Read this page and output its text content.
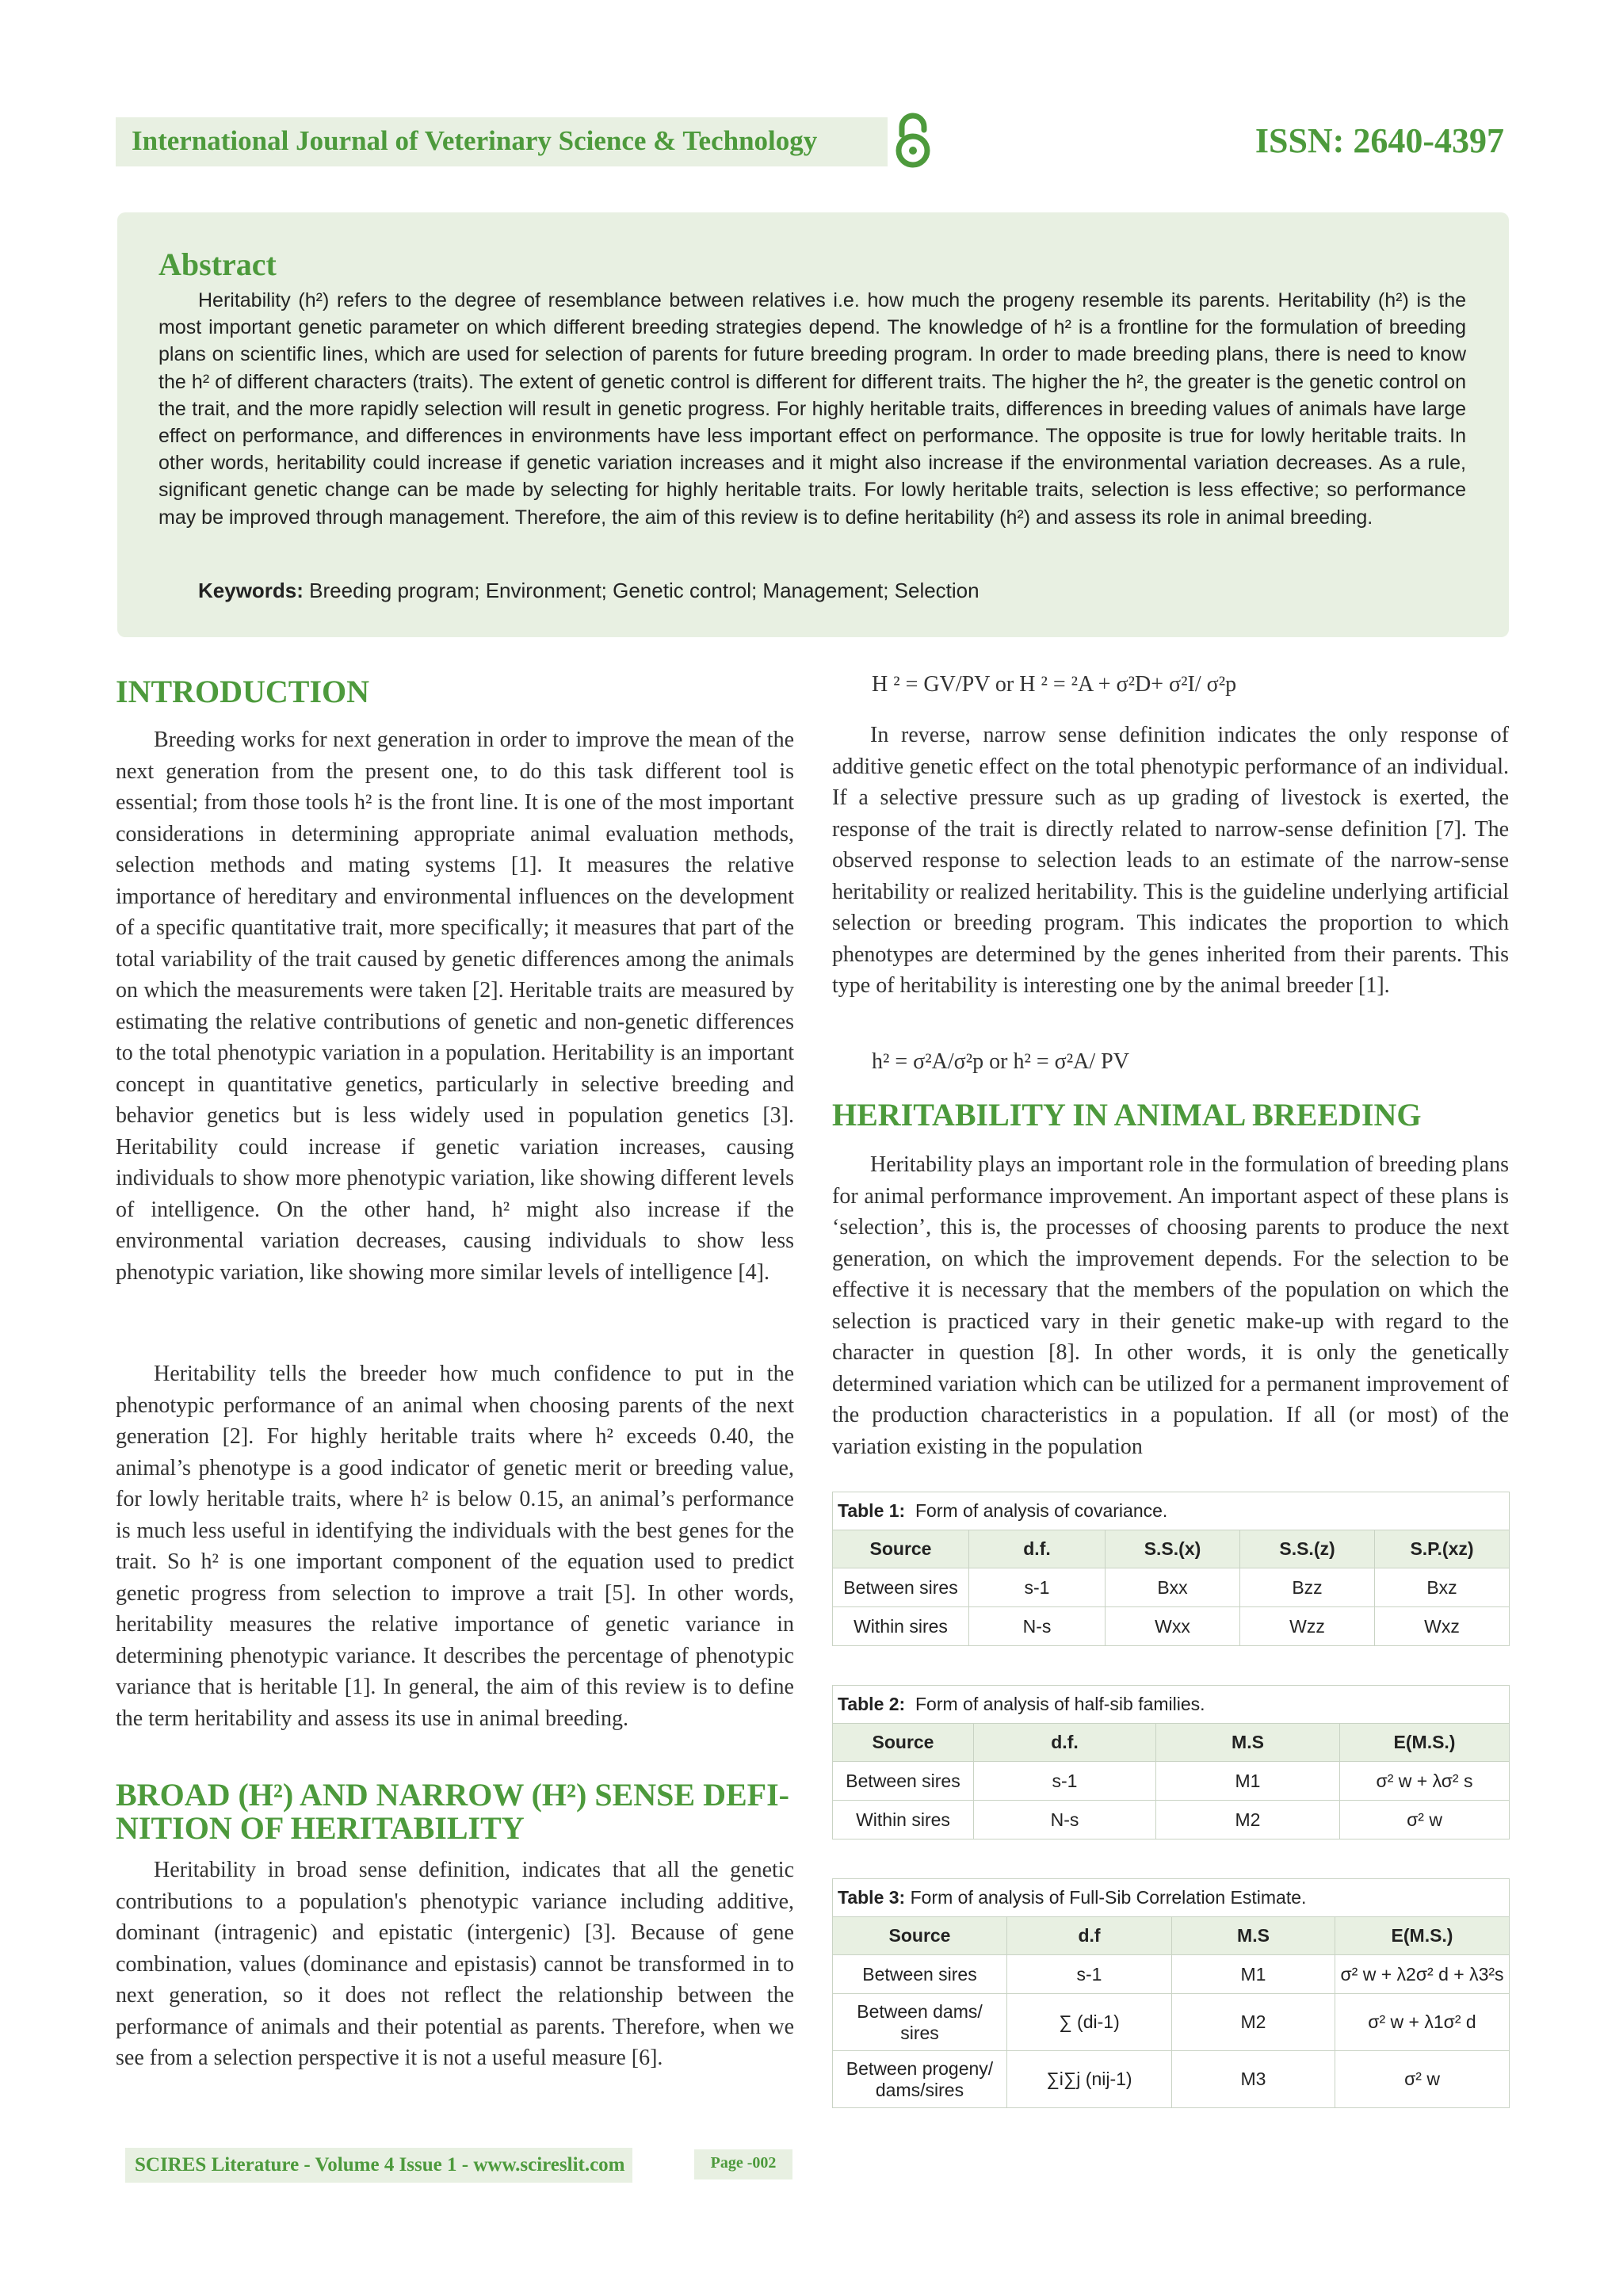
International Journal of Veterinary Science & Technology	ISSN: 2640-4397
Abstract

Heritability (h²) refers to the degree of resemblance between relatives i.e. how much the progeny resemble its parents. Heritability (h²) is the most important genetic parameter on which different breeding strategies depend. The knowledge of h² is a frontline for the formulation of breeding plans on scientific lines, which are used for selection of parents for future breeding program. In order to made breeding plans, there is need to know the h² of different characters (traits). The extent of genetic control is different for different traits. The higher the h², the greater is the genetic control on the trait, and the more rapidly selection will result in genetic progress. For highly heritable traits, differences in breeding values of animals have large effect on performance, and differences in environments have less important effect on performance. The opposite is true for lowly heritable traits. In other words, heritability could increase if genetic variation increases and it might also increase if the environmental variation decreases. As a rule, significant genetic change can be made by selecting for highly heritable traits. For lowly heritable traits, selection is less effective; so performance may be improved through management. Therefore, the aim of this review is to define heritability (h²) and assess its role in animal breeding.

Keywords: Breeding program; Environment; Genetic control; Management; Selection
INTRODUCTION

Breeding works for next generation in order to improve the mean of the next generation from the present one, to do this task different tool is essential; from those tools h² is the front line. It is one of the most important considerations in determining appropriate animal evaluation methods, selection methods and mating systems [1]. It measures the relative importance of hereditary and environmental influences on the development of a specific quantitative trait, more specifically; it measures that part of the total variability of the trait caused by genetic differences among the animals on which the measurements were taken [2]. Heritable traits are measured by estimating the relative contributions of genetic and non-genetic differences to the total phenotypic variation in a population. Heritability is an important concept in quantitative genetics, particularly in selective breeding and behavior genetics but is less widely used in population genetics [3]. Heritability could increase if genetic variation increases, causing individuals to show more phenotypic variation, like showing different levels of intelligence. On the other hand, h² might also increase if the environmental variation decreases, causing individuals to show less phenotypic variation, like showing more similar levels of intelligence [4].

Heritability tells the breeder how much confidence to put in the phenotypic performance of an animal when choosing parents of the next generation [2]. For highly heritable traits where h² exceeds 0.40, the animal’s phenotype is a good indicator of genetic merit or breeding value, for lowly heritable traits, where h² is below 0.15, an animal’s performance is much less useful in identifying the individuals with the best genes for the trait. So h² is one important component of the equation used to predict genetic progress from selection to improve a trait [5]. In other words, heritability measures the relative importance of genetic variance in determining phenotypic variance. It describes the percentage of phenotypic variance that is heritable [1]. In general, the aim of this review is to define the term heritability and assess its use in animal breeding.

BROAD (H²) AND NARROW (H²) SENSE DEFI-
NITION OF HERITABILITY

Heritability in broad sense definition, indicates that all the genetic contributions to a population's phenotypic variance including additive, dominant (intragenic) and epistatic (intergenic) [3]. Because of gene combination, values (dominance and epistasis) cannot be transformed in to next generation, so it does not reflect the relationship between the performance of animals and their potential as parents. Therefore, when we see from a selection perspective it is not a useful measure [6].

H ² = GV/PV or H ² = ²A + σ²D+ σ²I/ σ²p

In reverse, narrow sense definition indicates the only response of additive genetic effect on the total phenotypic performance of an individual. If a selective pressure such as up grading of livestock is exerted, the response of the trait is directly related to narrow-sense definition [7]. The observed response to selection leads to an estimate of the narrow-sense heritability or realized heritability. This is the guideline underlying artificial selection or breeding program. This indicates the proportion to which phenotypes are determined by the genes inherited from their parents. This type of heritability is interesting one by the animal breeder [1].

h² = σ²A/σ²p or h² = σ²A/ PV
HERITABILITY IN ANIMAL BREEDING

Heritability plays an important role in the formulation of breeding plans for animal performance improvement. An important aspect of these plans is ‘selection’, this is, the processes of choosing parents to produce the next generation, on which the improvement depends. For the selection to be effective it is necessary that the members of the population on which the selection is practiced vary in their genetic make-up with regard to the character in question [8]. In other words, it is only the genetically determined variation which can be utilized for a permanent improvement of the production characteristics in a population. If all (or most) of the variation existing in the population

Table 1: Form of analysis of covariance.				
Source	d.f.	S.S.(x)	S.S.(z)	S.P.(xz)
Between sires	s-1	Bxx	Bzz	Bxz
Within sires	N-s	Wxx	Wzz	Wxz
Table 2: Form of analysis of half-sib families.			
Source	d.f.	M.S	E(M.S.)
Between sires	s-1	M1	σ² w + λσ² s
Within sires	N-s	M2	σ² w
Table 3: Form of analysis of Full-Sib Correlation Estimate.			
Source	d.f	M.S	E(M.S.)
Between sires	s-1	M1	σ² w + λ2σ² d + λ3²s
Between dams/ sires	∑ (di-1)	M2	σ² w + λ1σ² d
Between progeny/ dams/sires	∑i∑j (nij-1)	M3	σ² w
SCIRES Literature - Volume 4 Issue 1 - www.scireslit.com	Page -002
